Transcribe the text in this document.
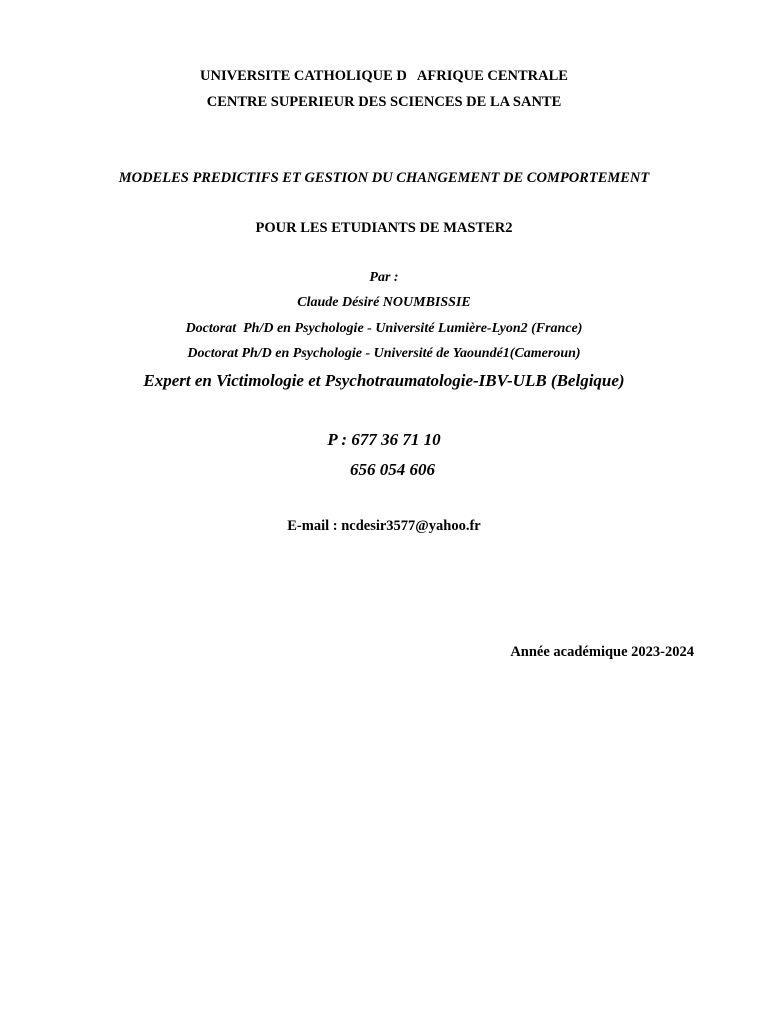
UNIVERSITE CATHOLIQUE D   AFRIQUE CENTRALE
CENTRE SUPERIEUR DES SCIENCES DE LA SANTE
MODELES PREDICTIFS ET GESTION DU CHANGEMENT DE COMPORTEMENT
POUR LES ETUDIANTS DE MASTER2
Par :
Claude Désiré NOUMBISSIE
Doctorat  Ph/D en Psychologie - Université Lumière-Lyon2 (France)
Doctorat Ph/D en Psychologie - Université de Yaoundé1(Cameroun)
Expert en Victimologie et Psychotraumatologie-IBV-ULB (Belgique)
P : 677 36 71 10
656 054 606
E-mail : ncdesir3577@yahoo.fr
Année académique 2023-2024
